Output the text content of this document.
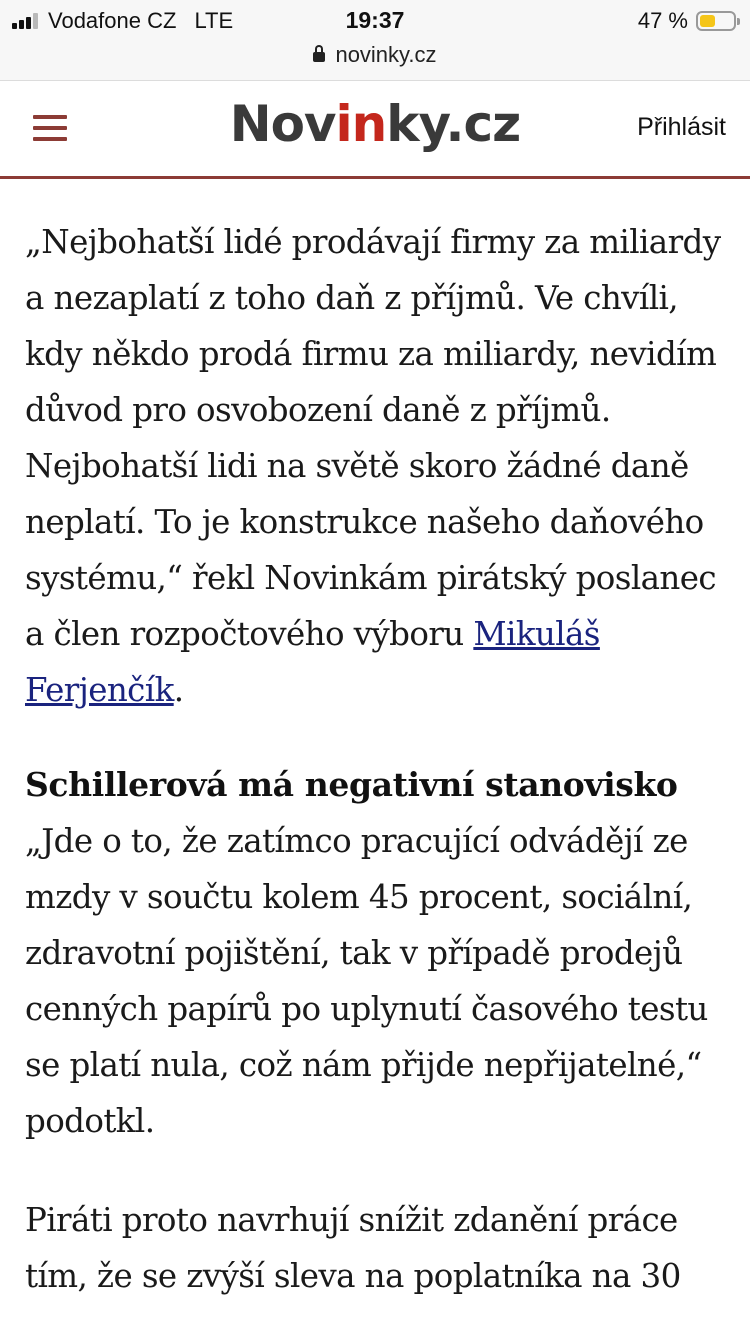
Vodafone CZ LTE	19:37	47 %
novinky.cz
Novinky.cz	Přihlásit

„Nejbohatší lidé prodávají firmy za miliardy a nezaplatí z toho daň z příjmů. Ve chvíli, kdy někdo prodá firmu za miliardy, nevidím důvod pro osvobození daně z příjmů. Nejbohatší lidi na světě skoro žádné daně neplatí. To je konstrukce našeho daňového systému,“ řekl Novinkám pirátský poslanec a člen rozpočtového výboru Mikuláš Ferjenčík.

Schillerová má negativní stanovisko

„Jde o to, že zatímco pracující odvádějí ze mzdy v součtu kolem 45 procent, sociální, zdravotní pojištění, tak v případě prodejů cenných papírů po uplynutí časového testu se platí nula, což nám přijde nepřijatelné,“ podotkl.

Piráti proto navrhují snížit zdanění práce tím, že se zvýší sleva na poplatníka na 30
